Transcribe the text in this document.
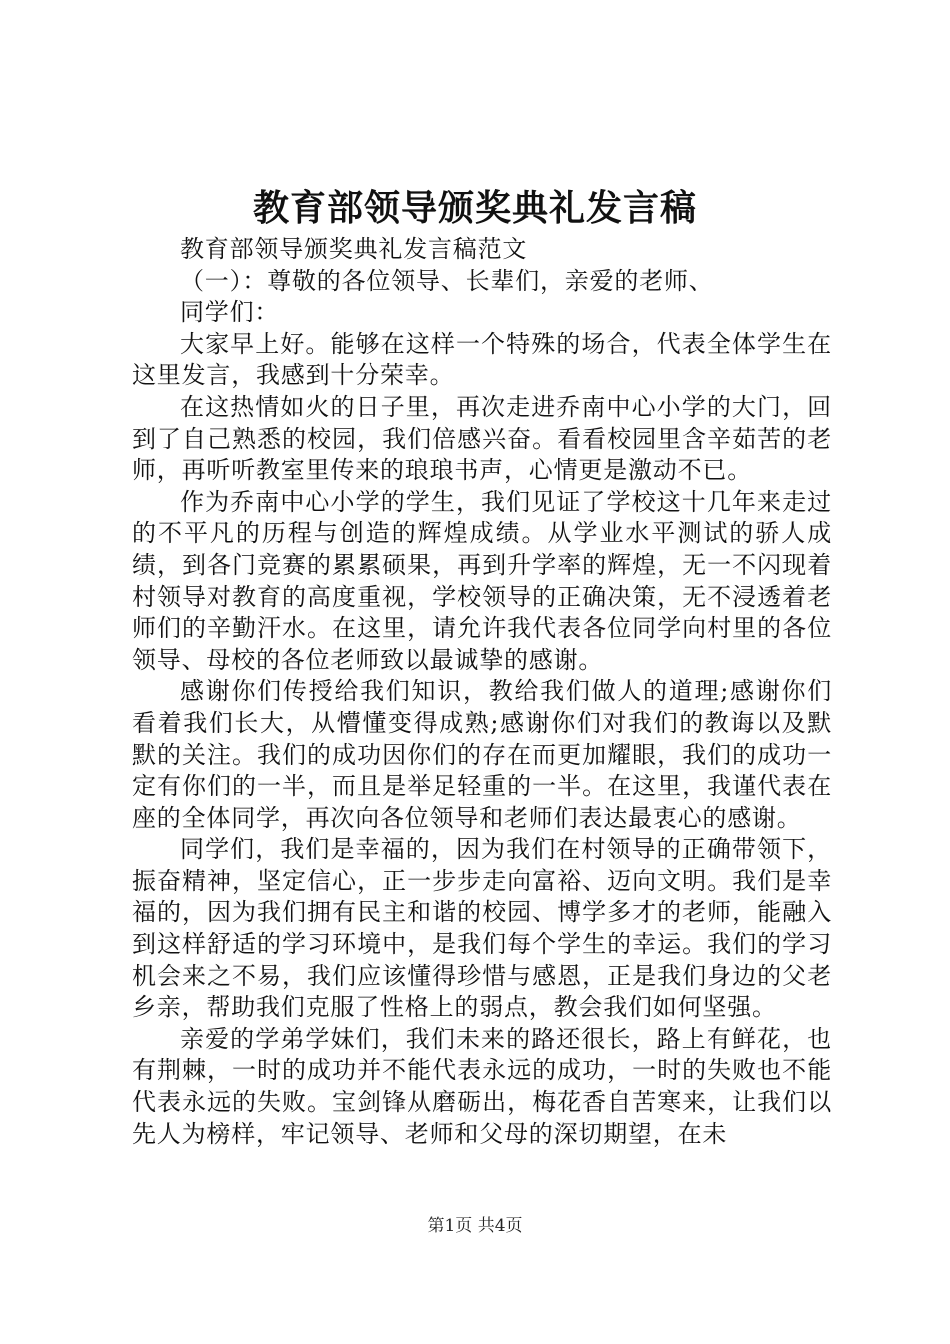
教育部领导颁奖典礼发言稿

教育部领导颁奖典礼发言稿范文

（一）：尊敬的各位领导、长辈们，亲爱的老师、

同学们：

大家早上好。能够在这样一个特殊的场合，代表全体学生在这里发言，我感到十分荣幸。

在这热情如火的日子里，再次走进乔南中心小学的大门，回到了自己熟悉的校园，我们倍感兴奋。看看校园里含辛茹苦的老师，再听听教室里传来的琅琅书声，心情更是激动不已。

作为乔南中心小学的学生，我们见证了学校这十几年来走过的不平凡的历程与创造的辉煌成绩。从学业水平测试的骄人成绩，到各门竞赛的累累硕果，再到升学率的辉煌，无一不闪现着村领导对教育的高度重视，学校领导的正确决策，无不浸透着老师们的辛勤汗水。在这里，请允许我代表各位同学向村里的各位领导、母校的各位老师致以最诚挚的感谢。

感谢你们传授给我们知识，教给我们做人的道理;感谢你们看着我们长大，从懵懂变得成熟;感谢你们对我们的教诲以及默默的关注。我们的成功因你们的存在而更加耀眼，我们的成功一定有你们的一半，而且是举足轻重的一半。在这里，我谨代表在座的全体同学，再次向各位领导和老师们表达最衷心的感谢。

同学们，我们是幸福的，因为我们在村领导的正确带领下，振奋精神，坚定信心，正一步步走向富裕、迈向文明。我们是幸福的，因为我们拥有民主和谐的校园、博学多才的老师，能融入到这样舒适的学习环境中，是我们每个学生的幸运。我们的学习机会来之不易，我们应该懂得珍惜与感恩，正是我们身边的父老乡亲，帮助我们克服了性格上的弱点，教会我们如何坚强。

亲爱的学弟学妹们，我们未来的路还很长，路上有鲜花，也有荆棘，一时的成功并不能代表永远的成功，一时的失败也不能代表永远的失败。宝剑锋从磨砺出，梅花香自苦寒来，让我们以先人为榜样，牢记领导、老师和父母的深切期望，在未

第1页 共4页
